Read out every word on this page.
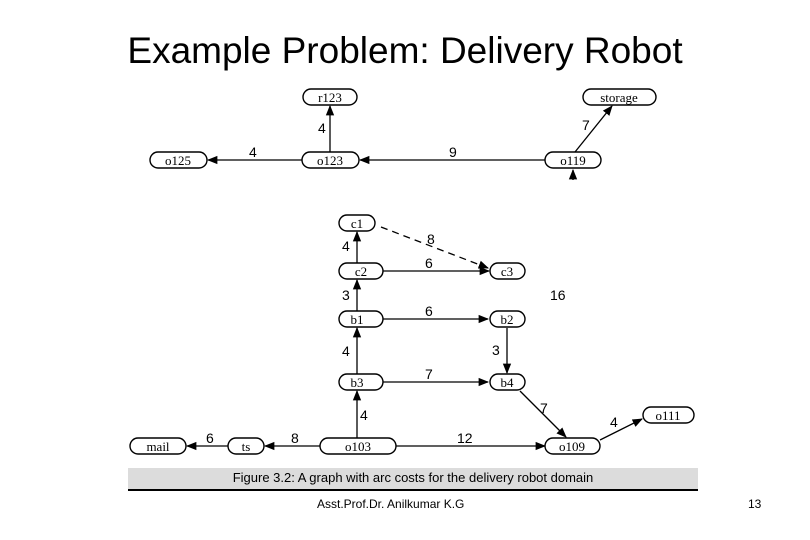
Example Problem: Delivery Robot
4	7
4	9
8
4
6
3
6
3
4
7
7
4
4
8
6	12
16
r123	storage
o125	o123	o119
c1
c2	c3
b1	b2
b3	b4
mail	ts	o103	o109
o111
Figure 3.2: A graph with arc costs for the delivery robot domain
Asst.Prof.Dr. Anilkumar K.G	13
